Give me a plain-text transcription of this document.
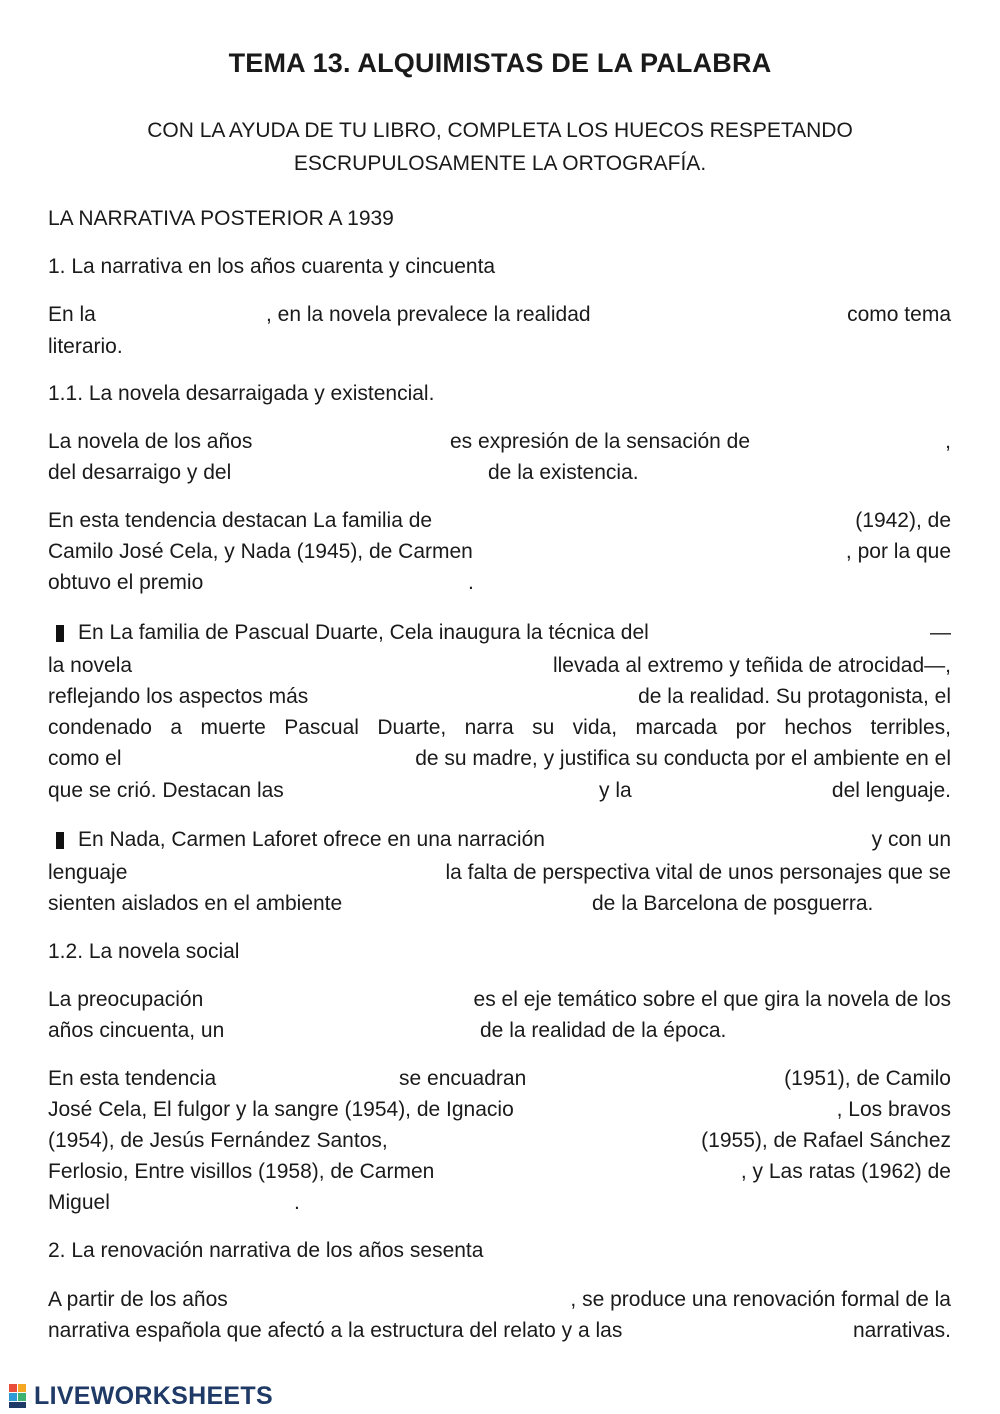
TEMA 13. ALQUIMISTAS DE LA PALABRA
CON LA AYUDA DE TU LIBRO, COMPLETA LOS HUECOS RESPETANDO
ESCRUPULOSAMENTE LA ORTOGRAFÍA.
LA NARRATIVA POSTERIOR A 1939
1. La narrativa en los años cuarenta y cincuenta
En la	, en la novela prevalece la realidad	como tema
literario.
1.1. La novela desarraigada y existencial.
La novela de los años	es expresión de la sensación de	,
del desarraigo y del	de la existencia.
En esta tendencia destacan La familia de	(1942), de
Camilo José Cela, y Nada (1945), de Carmen	, por la que
obtuvo el premio	.
En La familia de Pascual Duarte, Cela inaugura la técnica del	—
la novela	llevada al extremo y teñida de atrocidad—,
reflejando los aspectos más	de la realidad. Su protagonista, el
condenado a muerte Pascual Duarte, narra su vida, marcada por hechos terribles,
como el	de su madre, y justifica su conducta por el ambiente en el
que se crió. Destacan las	y la	del lenguaje.
En Nada, Carmen Laforet ofrece en una narración	y con un
lenguaje	la falta de perspectiva vital de unos personajes que se
sienten aislados en el ambiente	de la Barcelona de posguerra.
1.2. La novela social
La preocupación	es el eje temático sobre el que gira la novela de los
años cincuenta, un	de la realidad de la época.
En esta tendencia	se encuadran	(1951), de Camilo
José Cela, El fulgor y la sangre (1954), de Ignacio	, Los bravos
(1954), de Jesús Fernández Santos,	(1955), de Rafael Sánchez
Ferlosio, Entre visillos (1958), de Carmen	, y Las ratas (1962) de
Miguel	.
2. La renovación narrativa de los años sesenta
A partir de los años	, se produce una renovación formal de la
narrativa española que afectó a la estructura del relato y a las	narrativas.
LIVEWORKSHEETS
